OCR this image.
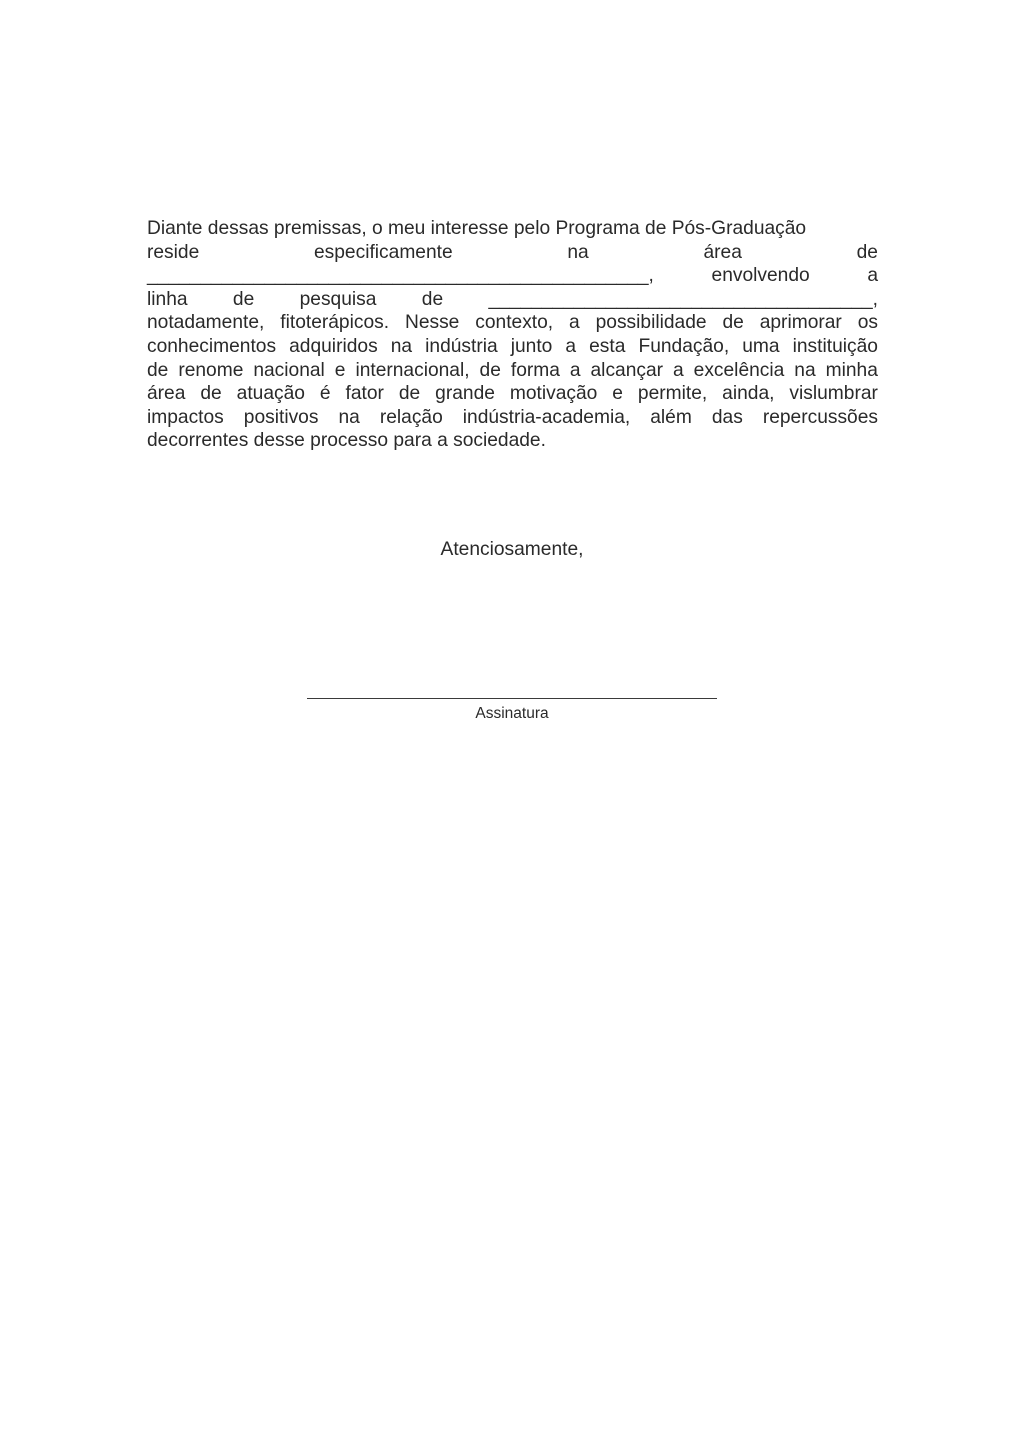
Diante dessas premissas, o meu interesse pelo Programa de Pós-Graduação
reside	especificamente	na	área	de
_______________________________________________,	envolvendo	a
linha de pesquisa de ____________________________________,
notadamente, fitoterápicos. Nesse contexto, a possibilidade de aprimorar os
conhecimentos adquiridos na indústria junto a esta Fundação, uma instituição
de renome nacional e internacional, de forma a alcançar a excelência na minha
área de atuação é fator de grande motivação e permite, ainda, vislumbrar
impactos positivos na relação indústria-academia, além das repercussões
decorrentes desse processo para a sociedade.

Atenciosamente,

Assinatura
